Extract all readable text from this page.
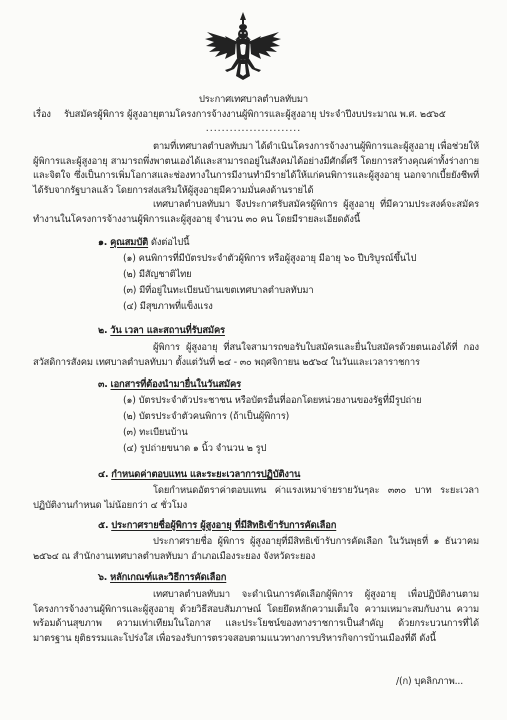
ประกาศเทศบาลตำบลทับมา
เรื่อง รับสมัครผู้พิการ ผู้สูงอายุตามโครงการจ้างงานผู้พิการและผู้สูงอายุ ประจำปีงบประมาณ พ.ศ. ๒๕๖๕
........................
ตามที่เทศบาลตำบลทับมา ได้ดำเนินโครงการจ้างงานผู้พิการและผู้สูงอายุ เพื่อช่วยให้ผู้พิการและผู้สูงอายุ สามารถพึ่งพาตนเองได้และสามารถอยู่ในสังคมได้อย่างมีศักดิ์ศรี โดยการสร้างคุณค่าทั้งร่างกายและจิตใจ ซึ่งเป็นการเพิ่มโอกาสและช่องทางในการมีงานทำมีรายได้ให้แก่คนพิการและผู้สูงอายุ นอกจากเบี้ยยังชีพที่ได้รับจากรัฐบาลแล้ว โดยการส่งเสริมให้ผู้สูงอายุมีความมั่นคงด้านรายได้
เทศบาลตำบลทับมา จึงประกาศรับสมัครผู้พิการ ผู้สูงอายุ ที่มีความประสงค์จะสมัครทำงานในโครงการจ้างงานผู้พิการและผู้สูงอายุ จำนวน ๓๐ คน โดยมีรายละเอียดดังนี้
๑. คุณสมบัติ ดังต่อไปนี้
(๑) คนพิการที่มีบัตรประจำตัวผู้พิการ หรือผู้สูงอายุ มีอายุ ๖๐ ปีบริบูรณ์ขึ้นไป
(๒) มีสัญชาติไทย
(๓) มีที่อยู่ในทะเบียนบ้านเขตเทศบาลตำบลทับมา
(๔) มีสุขภาพที่แข็งแรง
๒. วัน เวลา และสถานที่รับสมัคร
ผู้พิการ ผู้สูงอายุ ที่สนใจสามารถขอรับใบสมัครและยื่นใบสมัครด้วยตนเองได้ที่ กองสวัสดิการสังคม เทศบาลตำบลทับมา ตั้งแต่วันที่ ๒๔ - ๓๐ พฤศจิกายน ๒๕๖๔ ในวันและเวลาราชการ
๓. เอกสารที่ต้องนำมายื่นในวันสมัคร
(๑) บัตรประจำตัวประชาชน หรือบัตรอื่นที่ออกโดยหน่วยงานของรัฐที่มีรูปถ่าย
(๒) บัตรประจำตัวคนพิการ (ถ้าเป็นผู้พิการ)
(๓) ทะเบียนบ้าน
(๔) รูปถ่ายขนาด ๑ นิ้ว จำนวน ๒ รูป
๔. กำหนดค่าตอบแทน และระยะเวลาการปฏิบัติงาน
โดยกำหนดอัตราค่าตอบแทน ค่าแรงเหมาจ่ายรายวันๆละ ๓๓๐ บาท ระยะเวลาปฏิบัติงานกำหนด ไม่น้อยกว่า ๔ ชั่วโมง
๕. ประกาศรายชื่อผู้พิการ ผู้สูงอายุ ที่มีสิทธิเข้ารับการคัดเลือก
ประกาศรายชื่อ ผู้พิการ ผู้สูงอายุที่มีสิทธิเข้ารับการคัดเลือก ในวันพุธที่ ๑ ธันวาคม ๒๕๖๔ ณ สำนักงานเทศบาลตำบลทับมา อำเภอเมืองระยอง จังหวัดระยอง
๖. หลักเกณฑ์และวิธีการคัดเลือก
เทศบาลตำบลทับมา จะดำเนินการคัดเลือกผู้พิการ ผู้สูงอายุ เพื่อปฏิบัติงานตามโครงการจ้างงานผู้พิการและผู้สูงอายุ ด้วยวิธีสอบสัมภาษณ์ โดยยึดหลักความเต็มใจ ความเหมาะสมกับงาน ความพร้อมด้านสุขภาพ ความเท่าเทียมในโอกาส และประโยชน์ของทางราชการเป็นสำคัญ ด้วยกระบวนการที่ได้มาตรฐาน ยุติธรรมและโปร่งใส เพื่อรองรับการตรวจสอบตามแนวทางการบริหารกิจการบ้านเมืองที่ดี ดังนี้
/(ก) บุคลิกภาพ...
